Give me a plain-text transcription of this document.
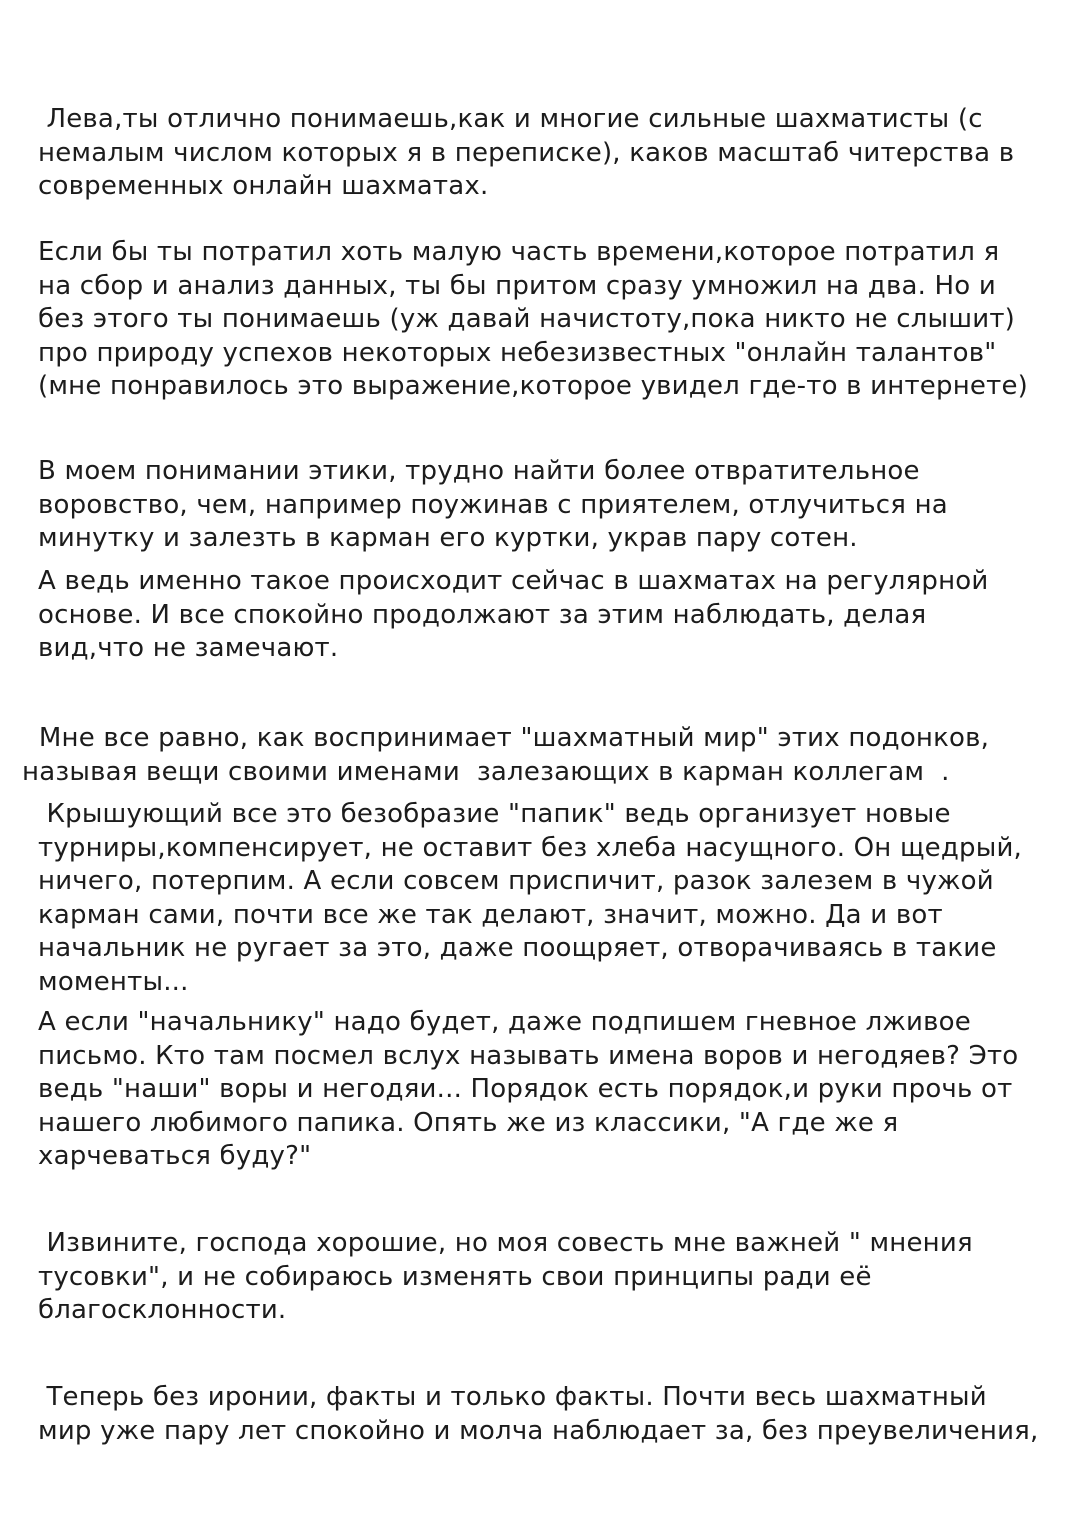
Лева,ты отлично понимаешь,как и многие сильные шахматисты (с
немалым числом которых я в переписке), каков масштаб читерства в
современных онлайн шахматах.
Если бы ты потратил хоть малую часть времени,которое потратил я
на сбор и анализ данных, ты бы притом сразу умножил на два. Но и
без этого ты понимаешь (уж давай начистоту,пока никто не слышит)
про природу успехов некоторых небезизвестных "онлайн талантов"
(мне понравилось это выражение,которое увидел где-то в интернете)
В моем понимании этики, трудно найти более отвратительное
воровство, чем, например поужинав с приятелем, отлучиться на
минутку и залезть в карман его куртки, украв пару сотен.
А ведь именно такое происходит сейчас в шахматах на регулярной
основе. И все спокойно продолжают за этим наблюдать, делая
вид,что не замечают.
Мне все равно, как воспринимает "шахматный мир" этих подонков,
называя вещи своими именами  залезающих в карман коллегам  .
Крышующий все это безобразие "папик" ведь организует новые
турниры,компенсирует, не оставит без хлеба насущного. Он щедрый,
ничего, потерпим. А если совсем приспичит, разок залезем в чужой
карман сами, почти все же так делают, значит, можно. Да и вот
начальник не ругает за это, даже поощряет, отворачиваясь в такие
моменты...
А если "начальнику" надо будет, даже подпишем гневное лживое
письмо. Кто там посмел вслух называть имена воров и негодяев? Это
ведь "наши" воры и негодяи... Порядок есть порядок,и руки прочь от
нашего любимого папика. Опять же из классики, "А где же я
харчеваться буду?"
Извините, господа хорошие, но моя совесть мне важней " мнения
тусовки", и не собираюсь изменять свои принципы ради её
благосклонности.
Теперь без иронии, факты и только факты. Почти весь шахматный
мир уже пару лет спокойно и молча наблюдает за, без преувеличения,
